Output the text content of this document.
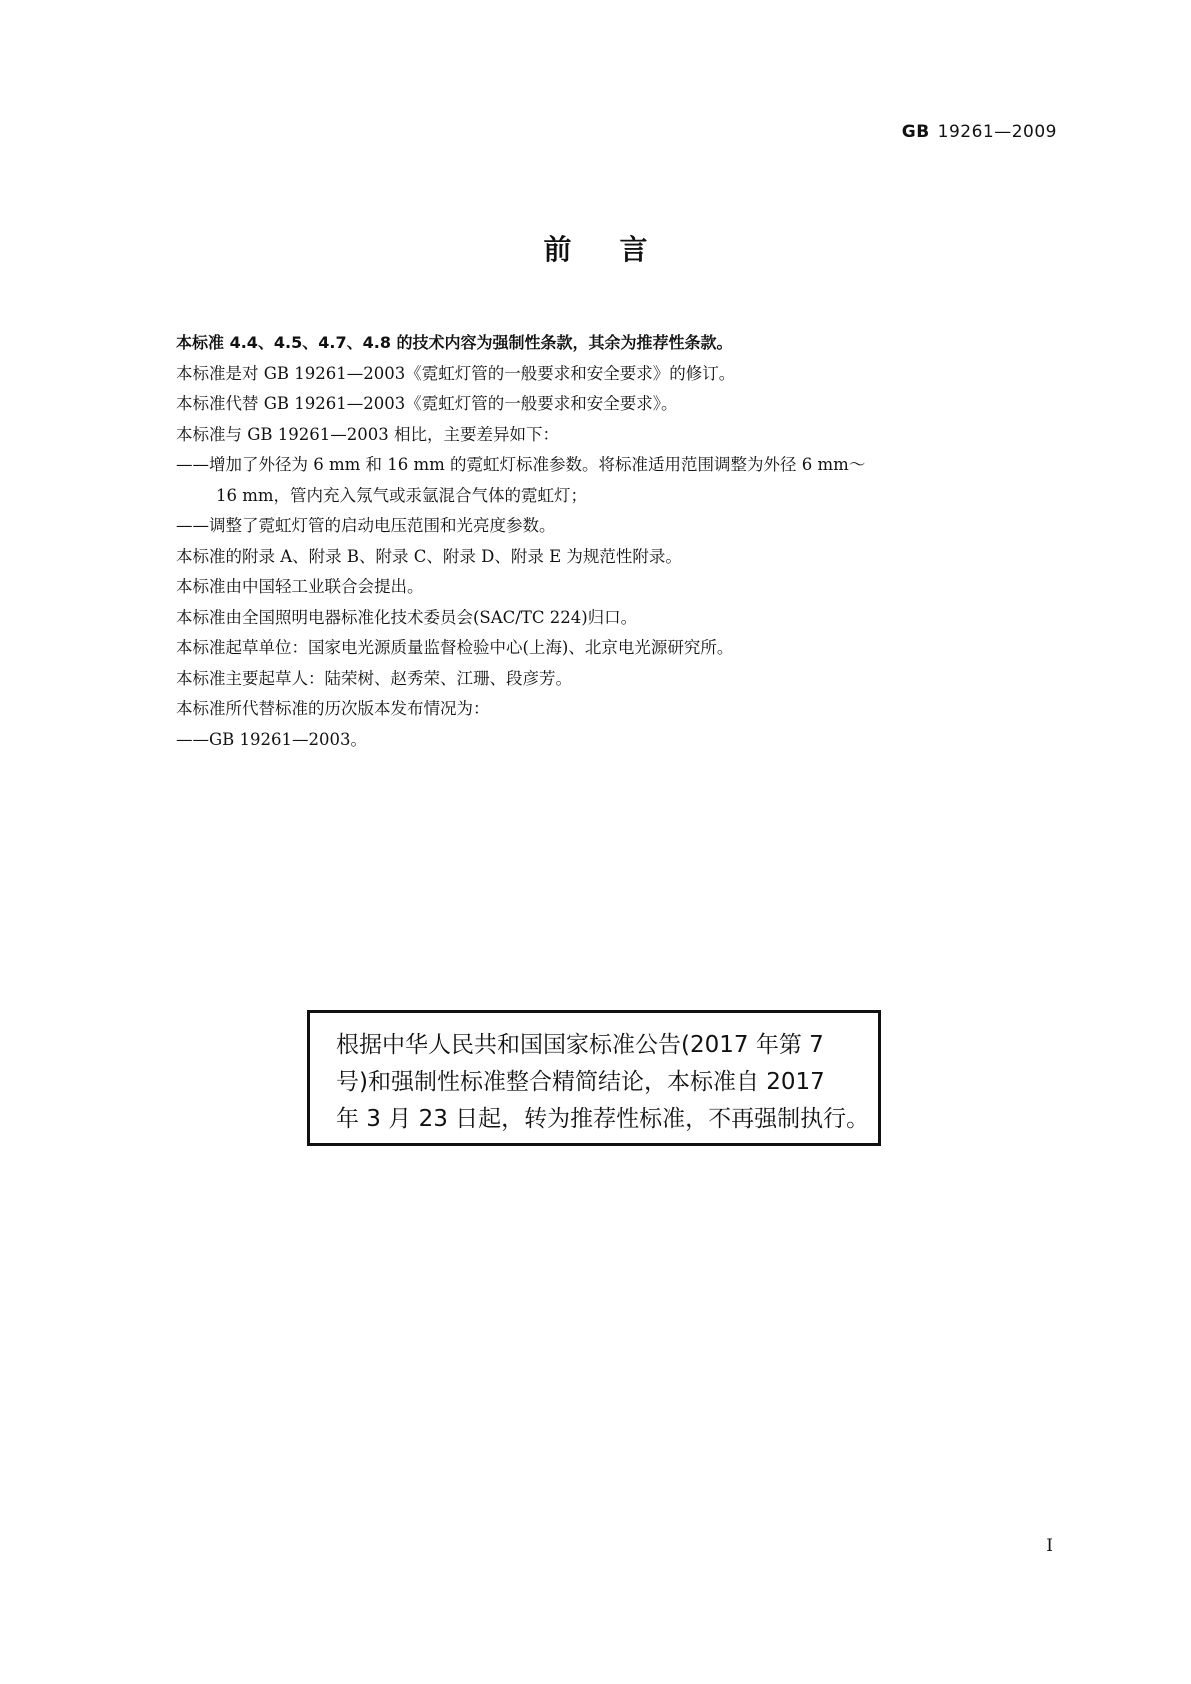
GB 19261—2009
前言

本标准 4.4、4.5、4.7、4.8 的技术内容为强制性条款，其余为推荐性条款。

本标准是对 GB 19261—2003《霓虹灯管的一般要求和安全要求》的修订。

本标准代替 GB 19261—2003《霓虹灯管的一般要求和安全要求》。

本标准与 GB 19261—2003 相比，主要差异如下：

——增加了外径为 6 mm 和 16 mm 的霓虹灯标准参数。将标准适用范围调整为外径 6 mm～

16 mm，管内充入氖气或汞氩混合气体的霓虹灯；

——调整了霓虹灯管的启动电压范围和光亮度参数。

本标准的附录 A、附录 B、附录 C、附录 D、附录 E 为规范性附录。

本标准由中国轻工业联合会提出。

本标准由全国照明电器标准化技术委员会(SAC/TC 224)归口。

本标准起草单位：国家电光源质量监督检验中心(上海)、北京电光源研究所。

本标准主要起草人：陆荣树、赵秀荣、江珊、段彦芳。

本标准所代替标准的历次版本发布情况为：

——GB 19261—2003。

根据中华人民共和国国家标准公告(2017 年第 7
号)和强制性标准整合精简结论，本标准自 2017
年 3 月 23 日起，转为推荐性标准，不再强制执行。
I
